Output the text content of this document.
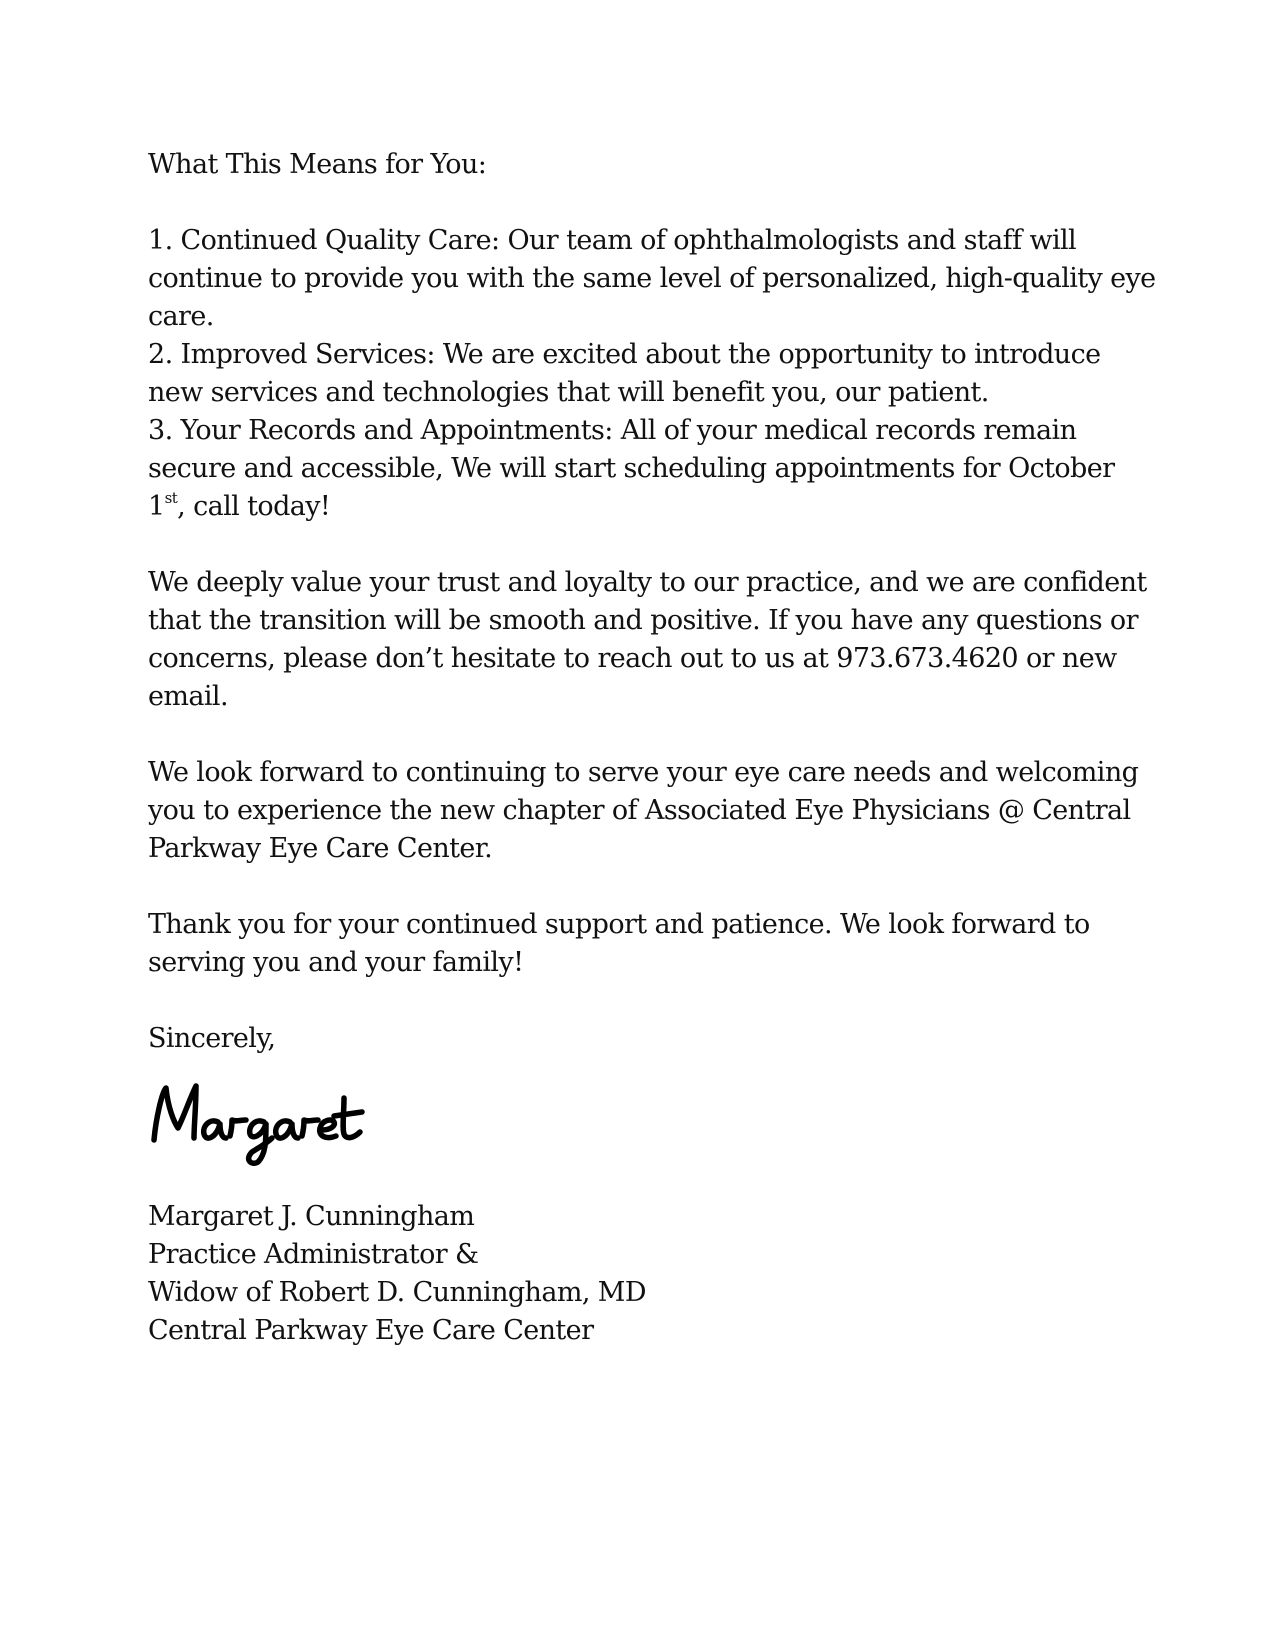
What This Means for You:

1. Continued Quality Care: Our team of ophthalmologists and staff will continue to provide you with the same level of personalized, high-quality eye care.

2. Improved Services: We are excited about the opportunity to introduce new services and technologies that will benefit you, our patient.

3. Your Records and Appointments: All of your medical records remain secure and accessible, We will start scheduling appointments for October 1st, call today!

We deeply value your trust and loyalty to our practice, and we are confident that the transition will be smooth and positive. If you have any questions or concerns, please don’t hesitate to reach out to us at 973.673.4620 or new email.

We look forward to continuing to serve your eye care needs and welcoming you to experience the new chapter of Associated Eye Physicians @ Central Parkway Eye Care Center.

Thank you for your continued support and patience. We look forward to serving you and your family!

Sincerely,

Margaret J. Cunningham

Practice Administrator &

Widow of Robert D. Cunningham, MD

Central Parkway Eye Care Center
